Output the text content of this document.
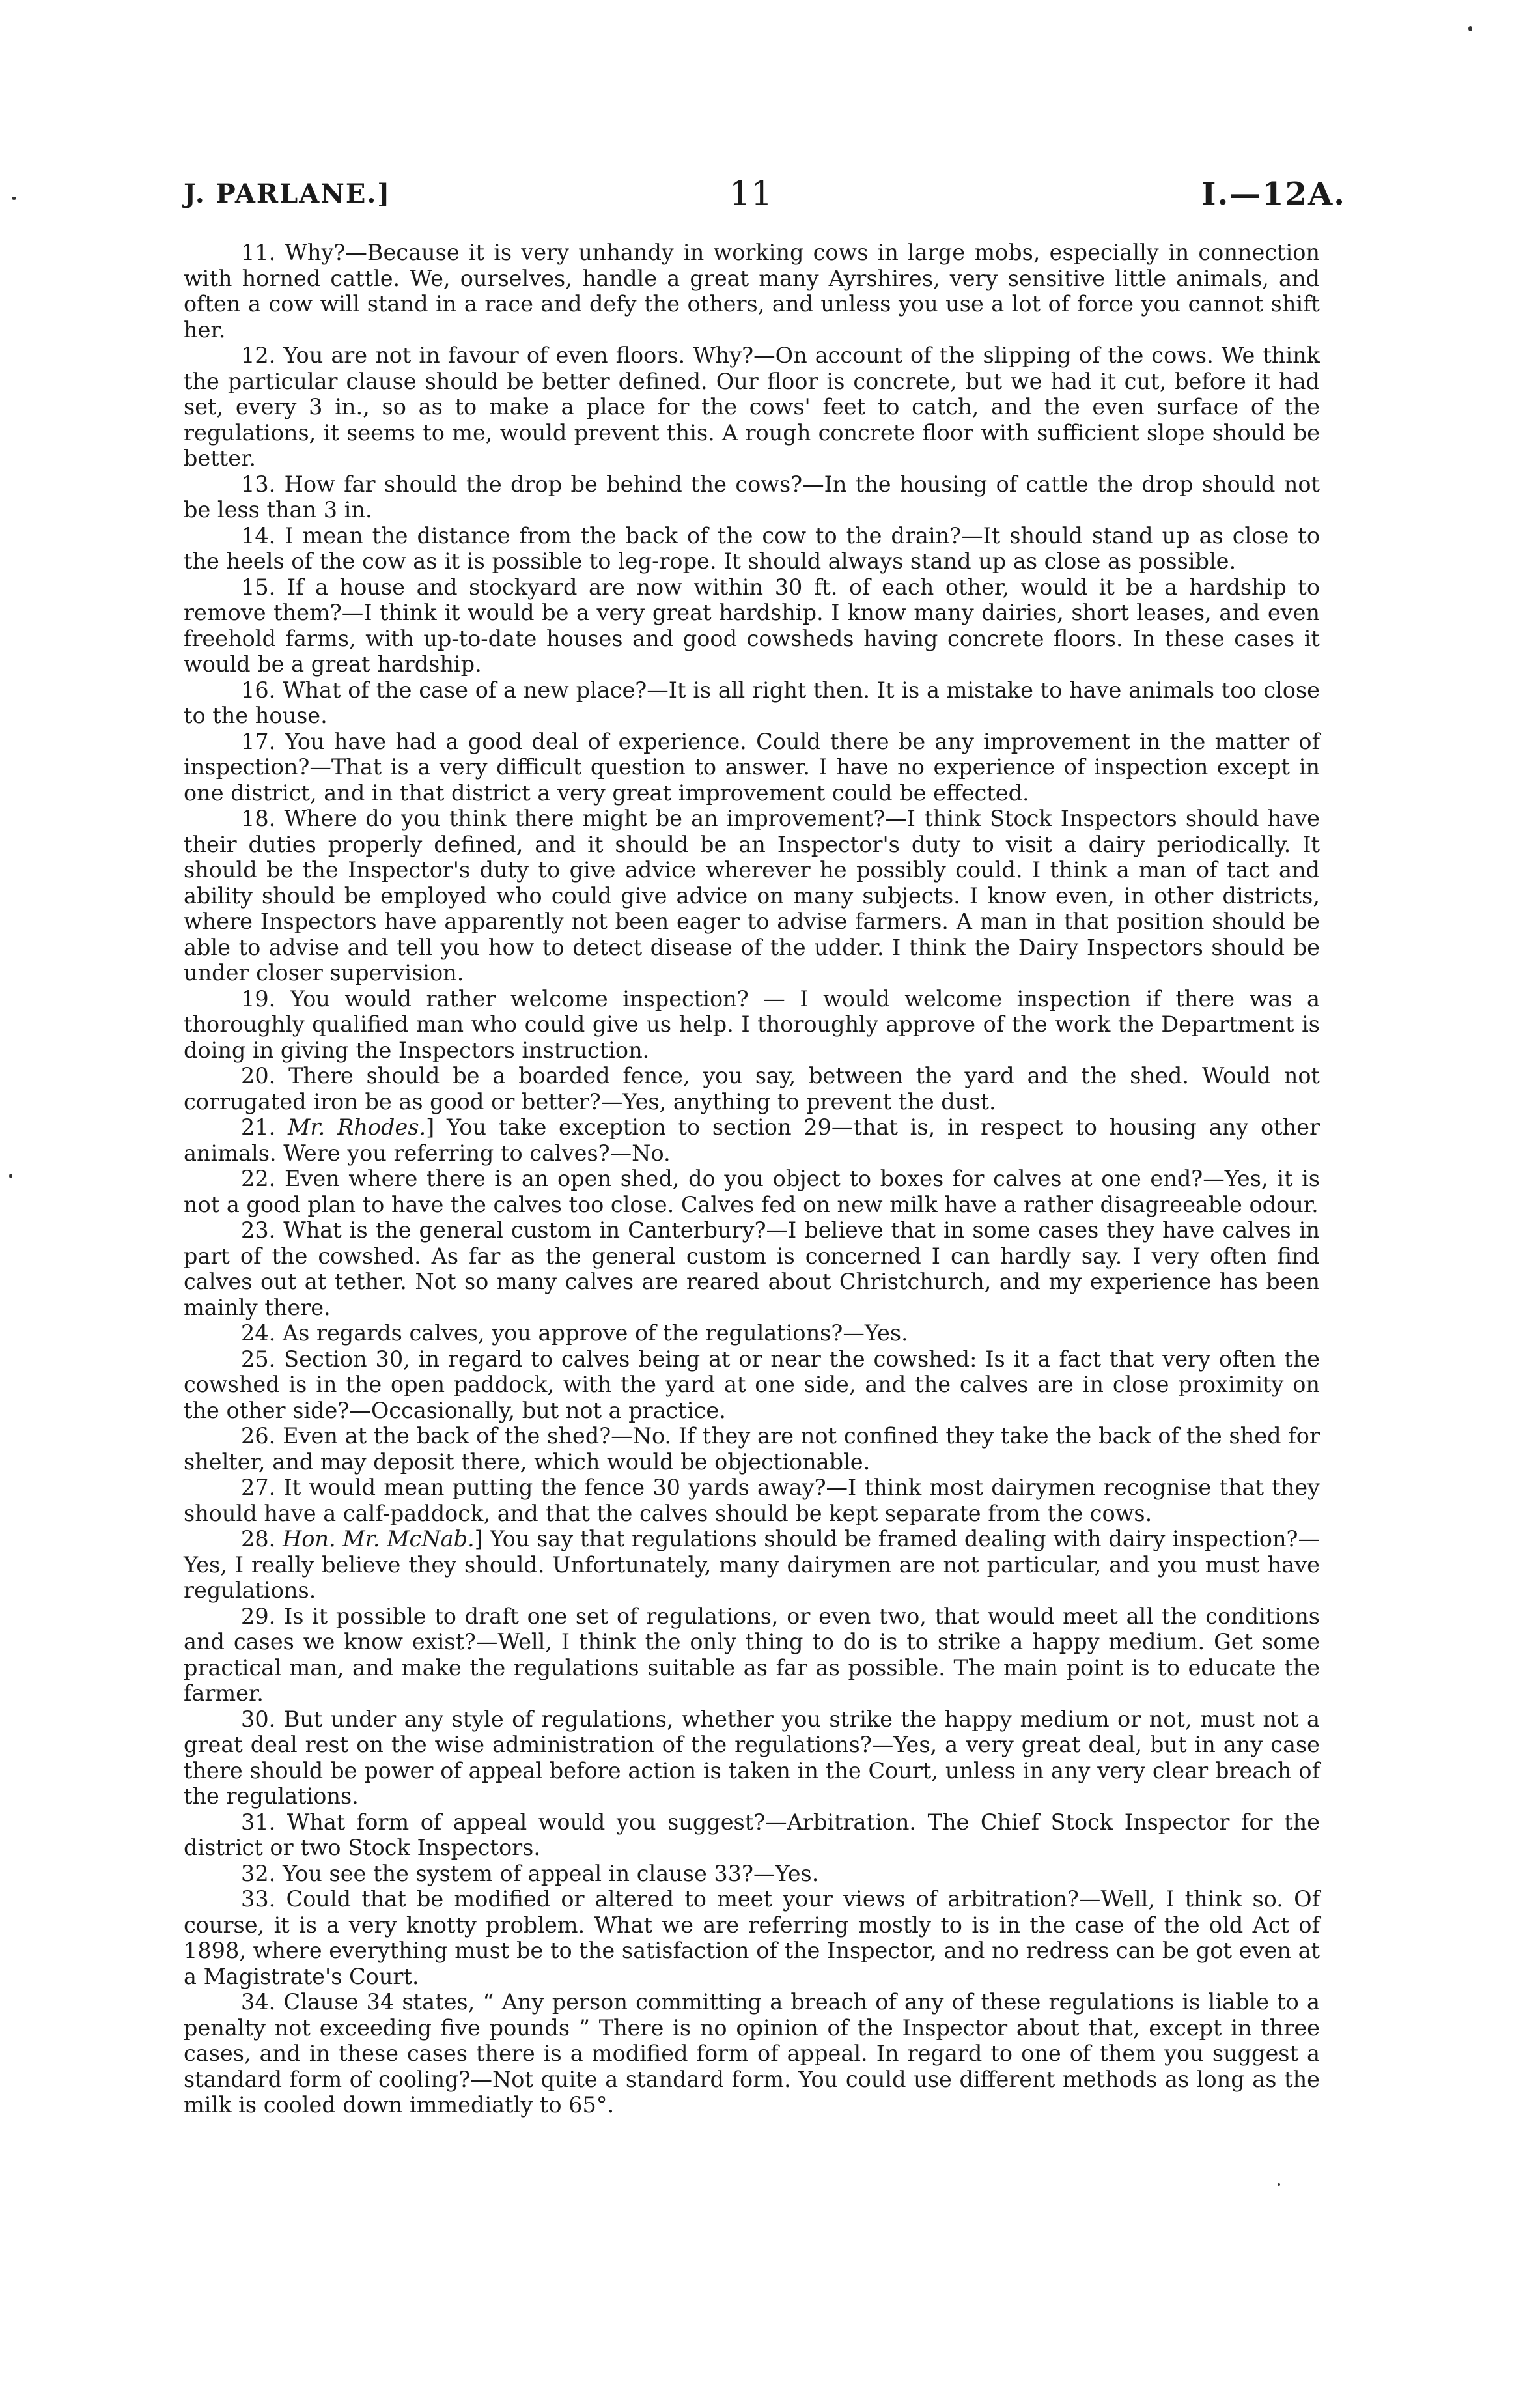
J. PARLANE.]	11	I.—12A.

11. Why?—Because it is very unhandy in working cows in large mobs, especially in connection with horned cattle. We, ourselves, handle a great many Ayrshires, very sensitive little animals, and often a cow will stand in a race and defy the others, and unless you use a lot of force you cannot shift her.

12. You are not in favour of even floors. Why?—On account of the slipping of the cows. We think the particular clause should be better defined. Our floor is concrete, but we had it cut, before it had set, every 3 in., so as to make a place for the cows' feet to catch, and the even surface of the regulations, it seems to me, would prevent this. A rough concrete floor with sufficient slope should be better.

13. How far should the drop be behind the cows?—In the housing of cattle the drop should not be less than 3 in.

14. I mean the distance from the back of the cow to the drain?—It should stand up as close to the heels of the cow as it is possible to leg-rope. It should always stand up as close as possible.

15. If a house and stockyard are now within 30 ft. of each other, would it be a hardship to remove them?—I think it would be a very great hardship. I know many dairies, short leases, and even freehold farms, with up-to-date houses and good cowsheds having concrete floors. In these cases it would be a great hardship.

16. What of the case of a new place?—It is all right then. It is a mistake to have animals too close to the house.

17. You have had a good deal of experience. Could there be any improvement in the matter of inspection?—That is a very difficult question to answer. I have no experience of inspection except in one district, and in that district a very great improvement could be effected.

18. Where do you think there might be an improvement?—I think Stock Inspectors should have their duties properly defined, and it should be an Inspector's duty to visit a dairy periodically. It should be the Inspector's duty to give advice wherever he possibly could. I think a man of tact and ability should be employed who could give advice on many subjects. I know even, in other districts, where Inspectors have apparently not been eager to advise farmers. A man in that position should be able to advise and tell you how to detect disease of the udder. I think the Dairy Inspectors should be under closer supervision.

19. You would rather welcome inspection? — I would welcome inspection if there was a thoroughly qualified man who could give us help. I thoroughly approve of the work the Department is doing in giving the Inspectors instruction.

20. There should be a boarded fence, you say, between the yard and the shed. Would not corrugated iron be as good or better?—Yes, anything to prevent the dust.

21. Mr. Rhodes.] You take exception to section 29—that is, in respect to housing any other animals. Were you referring to calves?—No.

22. Even where there is an open shed, do you object to boxes for calves at one end?—Yes, it is not a good plan to have the calves too close. Calves fed on new milk have a rather disagreeable odour.

23. What is the general custom in Canterbury?—I believe that in some cases they have calves in part of the cowshed. As far as the general custom is concerned I can hardly say. I very often find calves out at tether. Not so many calves are reared about Christchurch, and my experience has been mainly there.

24. As regards calves, you approve of the regulations?—Yes.

25. Section 30, in regard to calves being at or near the cowshed: Is it a fact that very often the cowshed is in the open paddock, with the yard at one side, and the calves are in close proximity on the other side?—Occasionally, but not a practice.

26. Even at the back of the shed?—No. If they are not confined they take the back of the shed for shelter, and may deposit there, which would be objectionable.

27. It would mean putting the fence 30 yards away?—I think most dairymen recognise that they should have a calf-paddock, and that the calves should be kept separate from the cows.

28. Hon. Mr. McNab.] You say that regulations should be framed dealing with dairy inspection?—Yes, I really believe they should. Unfortunately, many dairymen are not particular, and you must have regulations.

29. Is it possible to draft one set of regulations, or even two, that would meet all the conditions and cases we know exist?—Well, I think the only thing to do is to strike a happy medium. Get some practical man, and make the regulations suitable as far as possible. The main point is to educate the farmer.

30. But under any style of regulations, whether you strike the happy medium or not, must not a great deal rest on the wise administration of the regulations?—Yes, a very great deal, but in any case there should be power of appeal before action is taken in the Court, unless in any very clear breach of the regulations.

31. What form of appeal would you suggest?—Arbitration. The Chief Stock Inspector for the district or two Stock Inspectors.

32. You see the system of appeal in clause 33?—Yes.

33. Could that be modified or altered to meet your views of arbitration?—Well, I think so. Of course, it is a very knotty problem. What we are referring mostly to is in the case of the old Act of 1898, where everything must be to the satisfaction of the Inspector, and no redress can be got even at a Magistrate's Court.

34. Clause 34 states, “ Any person committing a breach of any of these regulations is liable to a penalty not exceeding five pounds ” There is no opinion of the Inspector about that, except in three cases, and in these cases there is a modified form of appeal. In regard to one of them you suggest a standard form of cooling?—Not quite a standard form. You could use different methods as long as the milk is cooled down immediatly to 65°.
